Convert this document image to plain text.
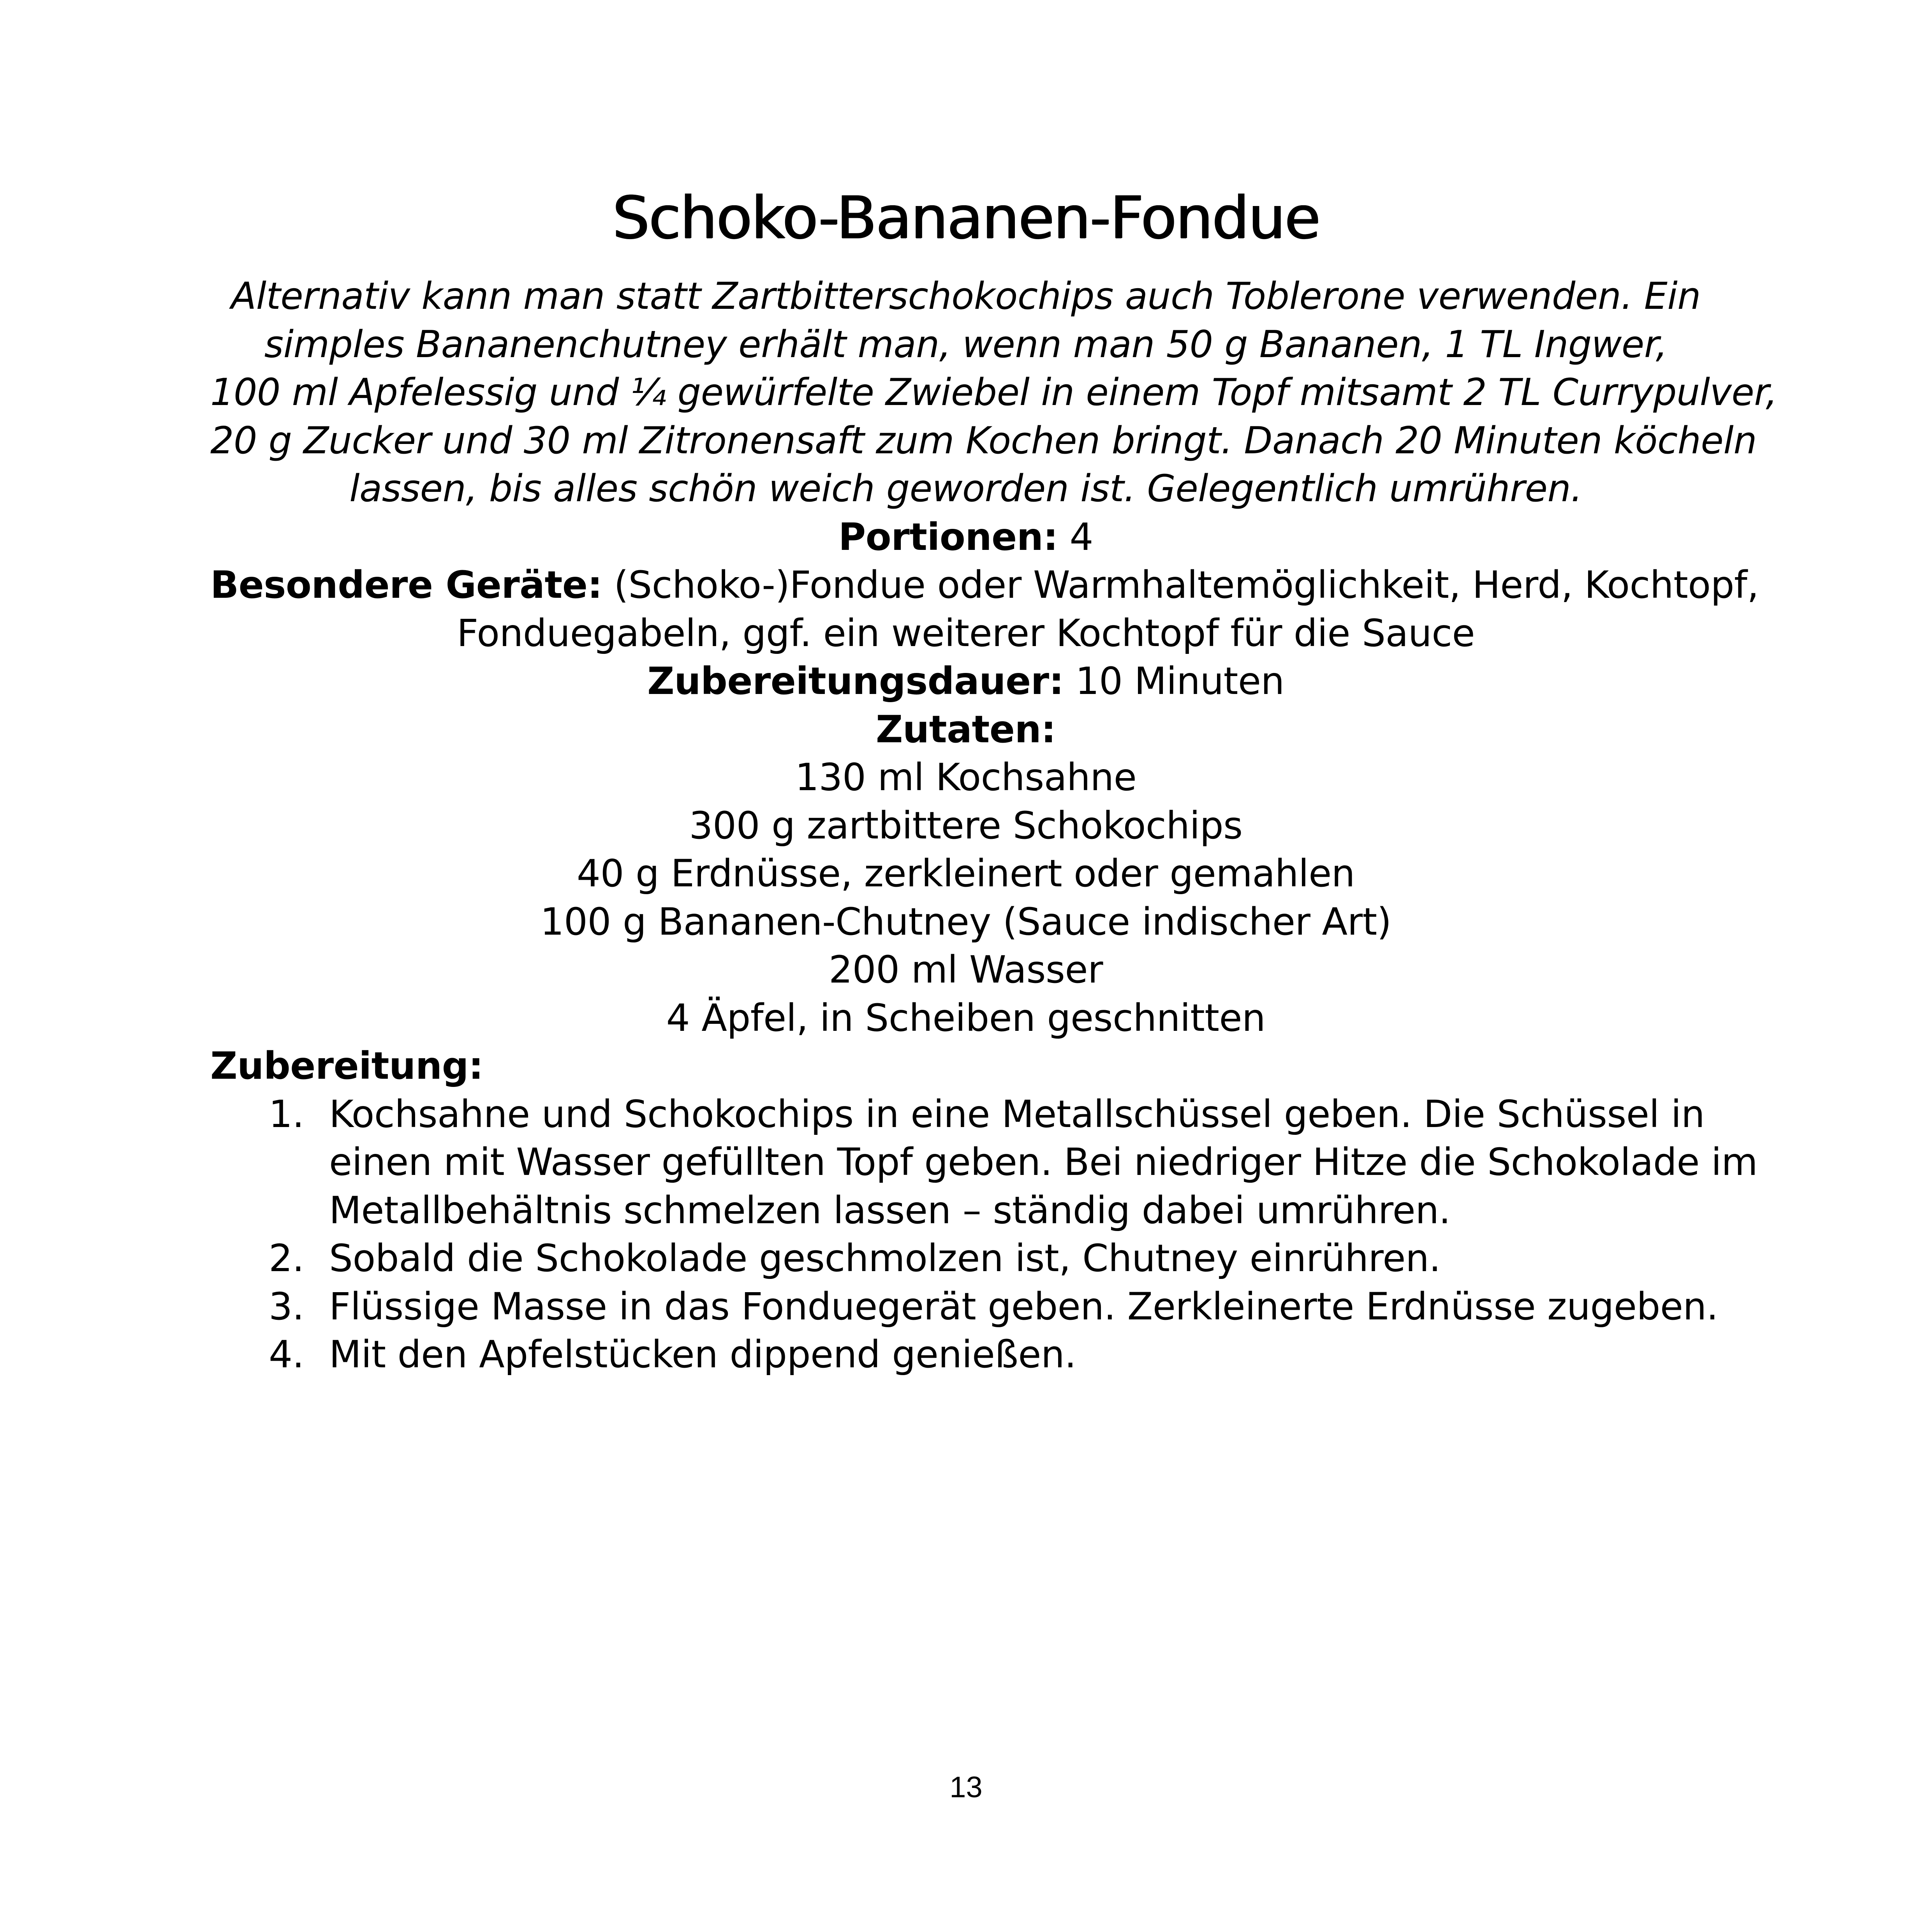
Schoko-Bananen-Fondue

Alternativ kann man statt Zartbitterschokochips auch Toblerone verwenden. Ein
simples Bananenchutney erhält man, wenn man 50 g Bananen, 1 TL Ingwer,
100 ml Apfelessig und ¼ gewürfelte Zwiebel in einem Topf mitsamt 2 TL Currypulver,
20 g Zucker und 30 ml Zitronensaft zum Kochen bringt. Danach 20 Minuten köcheln
lassen, bis alles schön weich geworden ist. Gelegentlich umrühren.

Portionen: 4

Besondere Geräte: (Schoko-)Fondue oder Warmhaltemöglichkeit, Herd, Kochtopf,
Fonduegabeln, ggf. ein weiterer Kochtopf für die Sauce

Zubereitungsdauer: 10 Minuten

Zutaten:

130 ml Kochsahne
300 g zartbittere Schokochips
40 g Erdnüsse, zerkleinert oder gemahlen
100 g Bananen-Chutney (Sauce indischer Art)
200 ml Wasser
4 Äpfel, in Scheiben geschnitten

Zubereitung:

1. Kochsahne und Schokochips in eine Metallschüssel geben. Die Schüssel in
einen mit Wasser gefüllten Topf geben. Bei niedriger Hitze die Schokolade im
Metallbehältnis schmelzen lassen – ständig dabei umrühren.
2. Sobald die Schokolade geschmolzen ist, Chutney einrühren.
3. Flüssige Masse in das Fonduegerät geben. Zerkleinerte Erdnüsse zugeben.
4. Mit den Apfelstücken dippend genießen.
13
